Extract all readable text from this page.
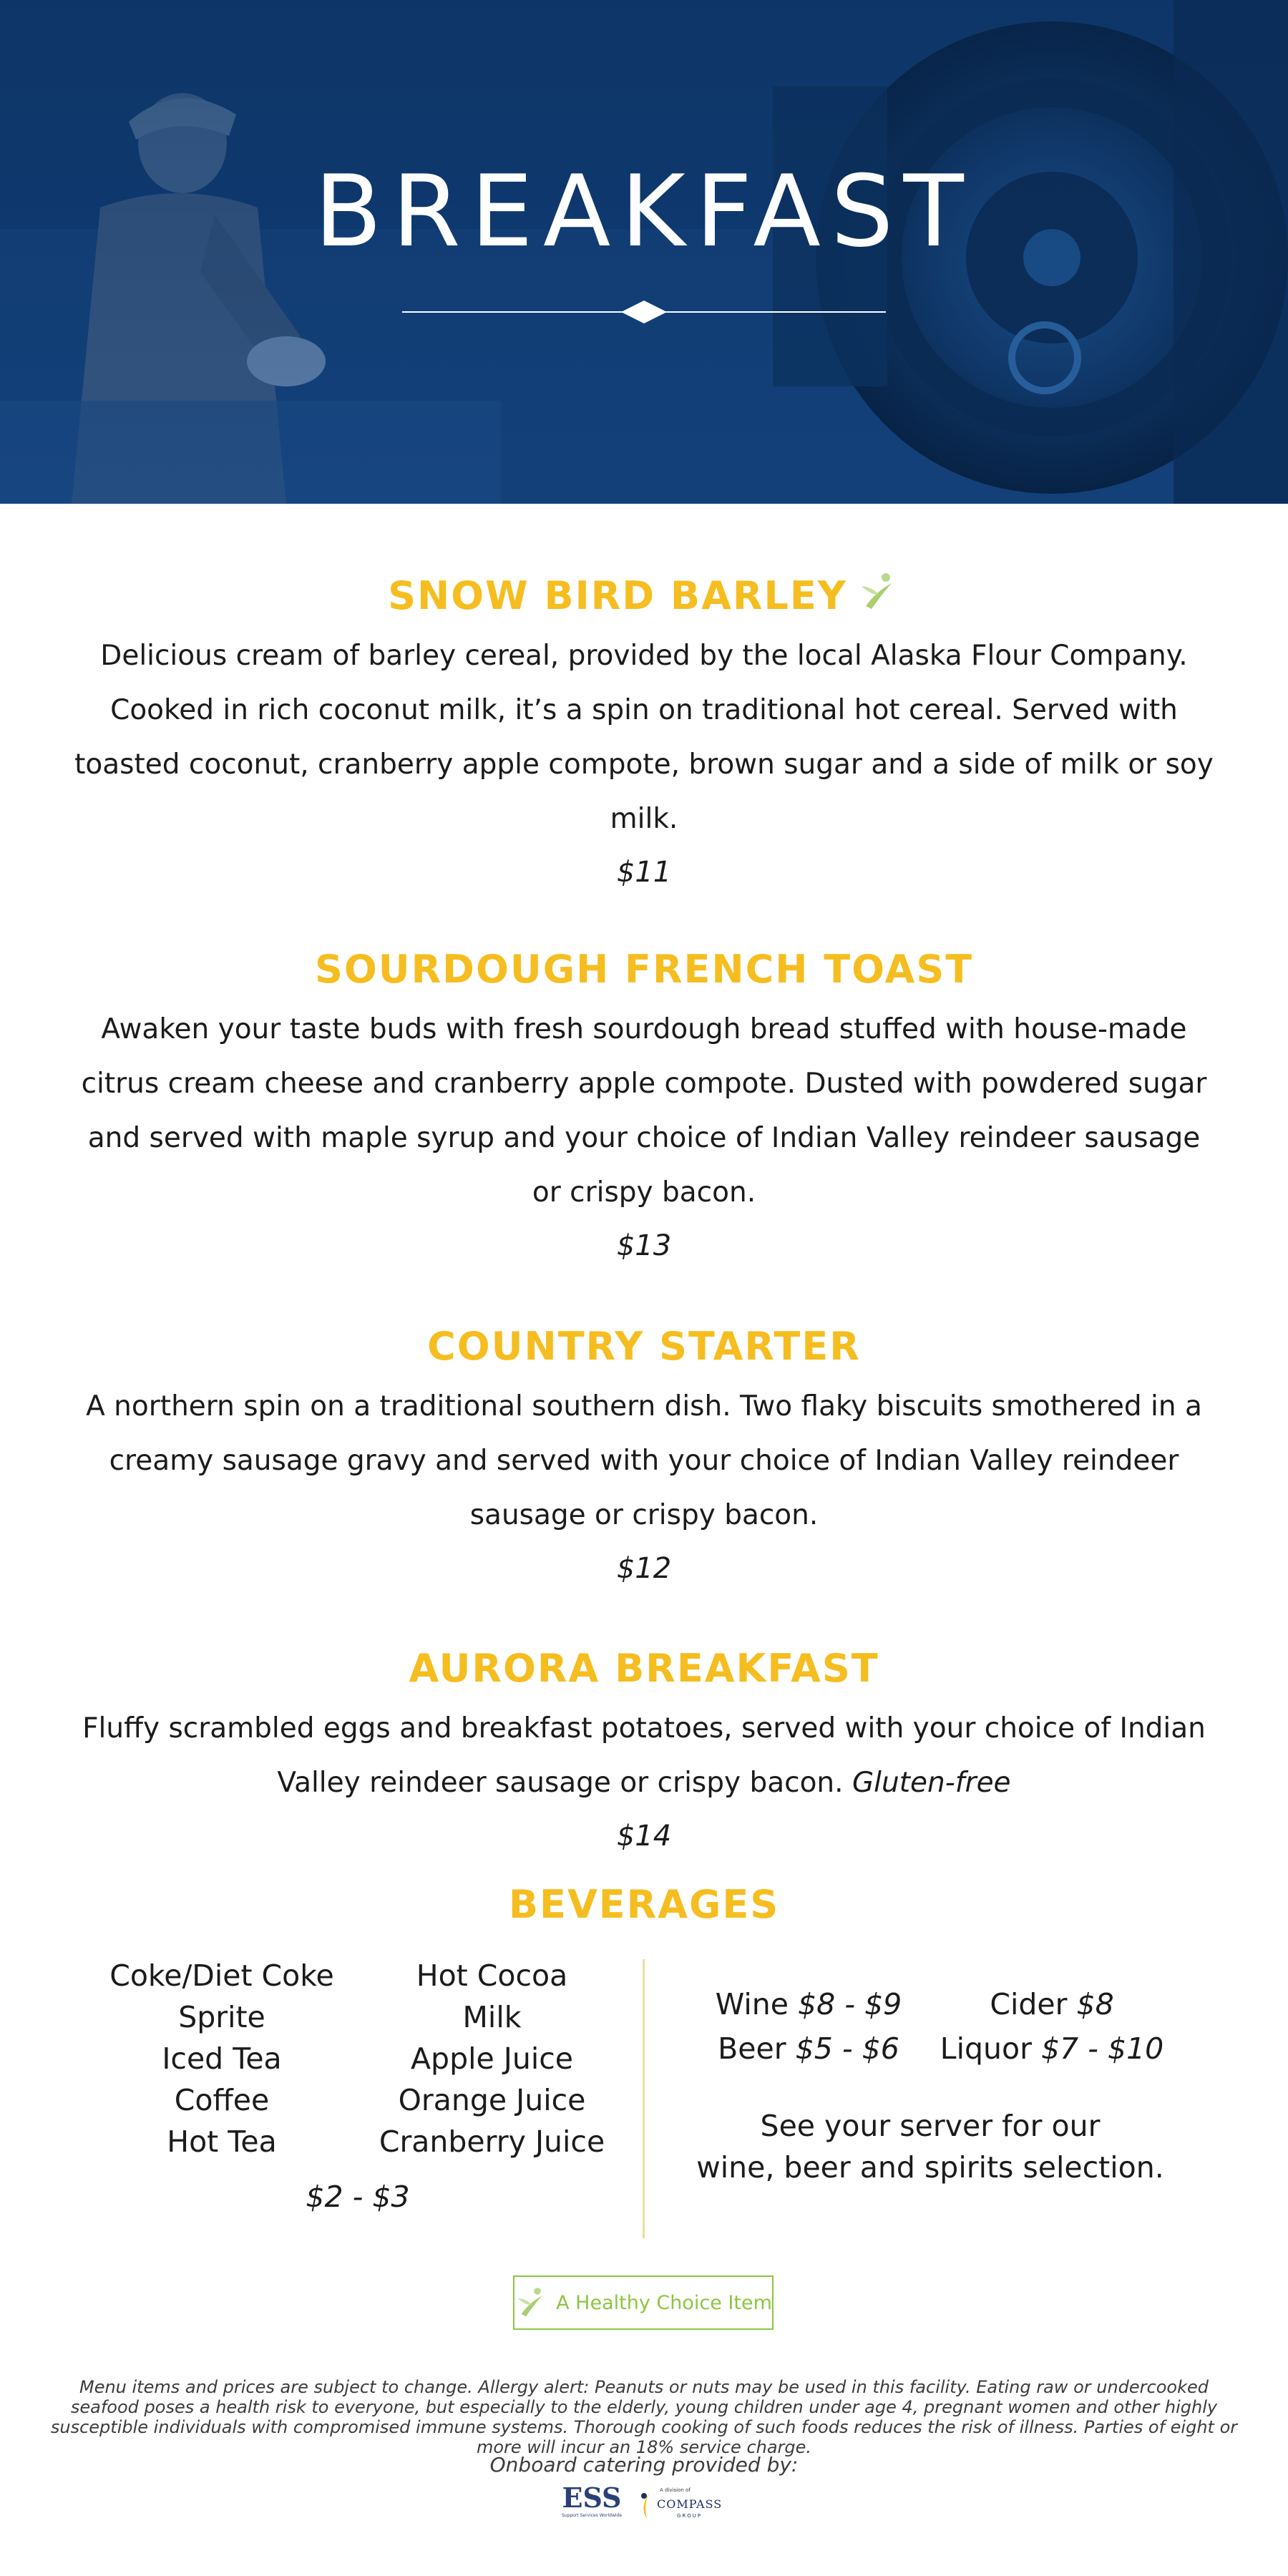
BREAKFAST
SNOW BIRD BARLEY

Delicious cream of barley cereal, provided by the local Alaska Flour Company. Cooked in rich coconut milk, it’s a spin on traditional hot cereal. Served with toasted coconut, cranberry apple compote, brown sugar and a side of milk or soy milk.

$11
SOURDOUGH FRENCH TOAST

Awaken your taste buds with fresh sourdough bread stuffed with house-made citrus cream cheese and cranberry apple compote. Dusted with powdered sugar and served with maple syrup and your choice of Indian Valley reindeer sausage or crispy bacon.

$13
COUNTRY STARTER

A northern spin on a traditional southern dish. Two flaky biscuits smothered in a creamy sausage gravy and served with your choice of Indian Valley reindeer sausage or crispy bacon.

$12
AURORA BREAKFAST

Fluffy scrambled eggs and breakfast potatoes, served with your choice of Indian Valley reindeer sausage or crispy bacon. Gluten-free

$14
BEVERAGES
Coke/Diet Coke
Sprite
Iced Tea
Coffee
Hot Tea
Hot Cocoa
Milk
Apple Juice
Orange Juice
Cranberry Juice
$2 - $3
Wine $8 - $9	Cider $8
Beer $5 - $6	Liquor $7 - $10
See your server for our
wine, beer and spirits selection.
A Healthy Choice Item
Menu items and prices are subject to change. Allergy alert: Peanuts or nuts may be used in this facility. Eating raw or undercooked seafood poses a health risk to everyone, but especially to the elderly, young children under age 4, pregnant women and other highly susceptible individuals with compromised immune systems. Thorough cooking of such foods reduces the risk of illness. Parties of eight or more will incur an 18% service charge.
Onboard catering provided by:
ESS
Support Services Worldwide
A division of
COMPASS
GROUP
